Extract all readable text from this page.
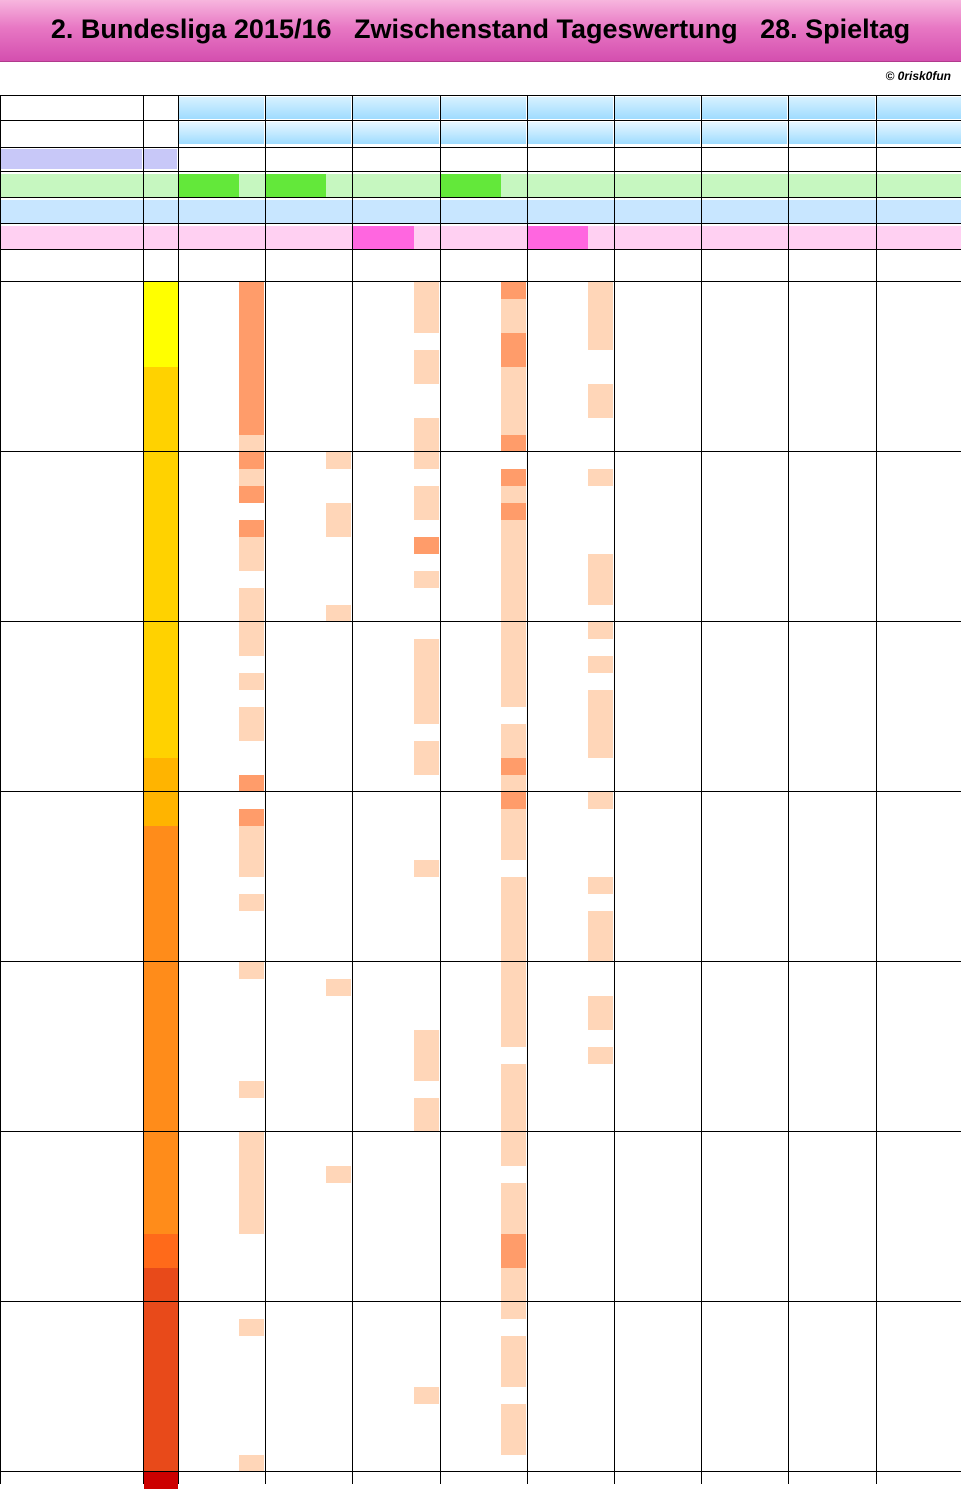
2. Bundesliga 2015/16   Zwischenstand Tageswertung   28. Spieltag
© 0risk0fun
